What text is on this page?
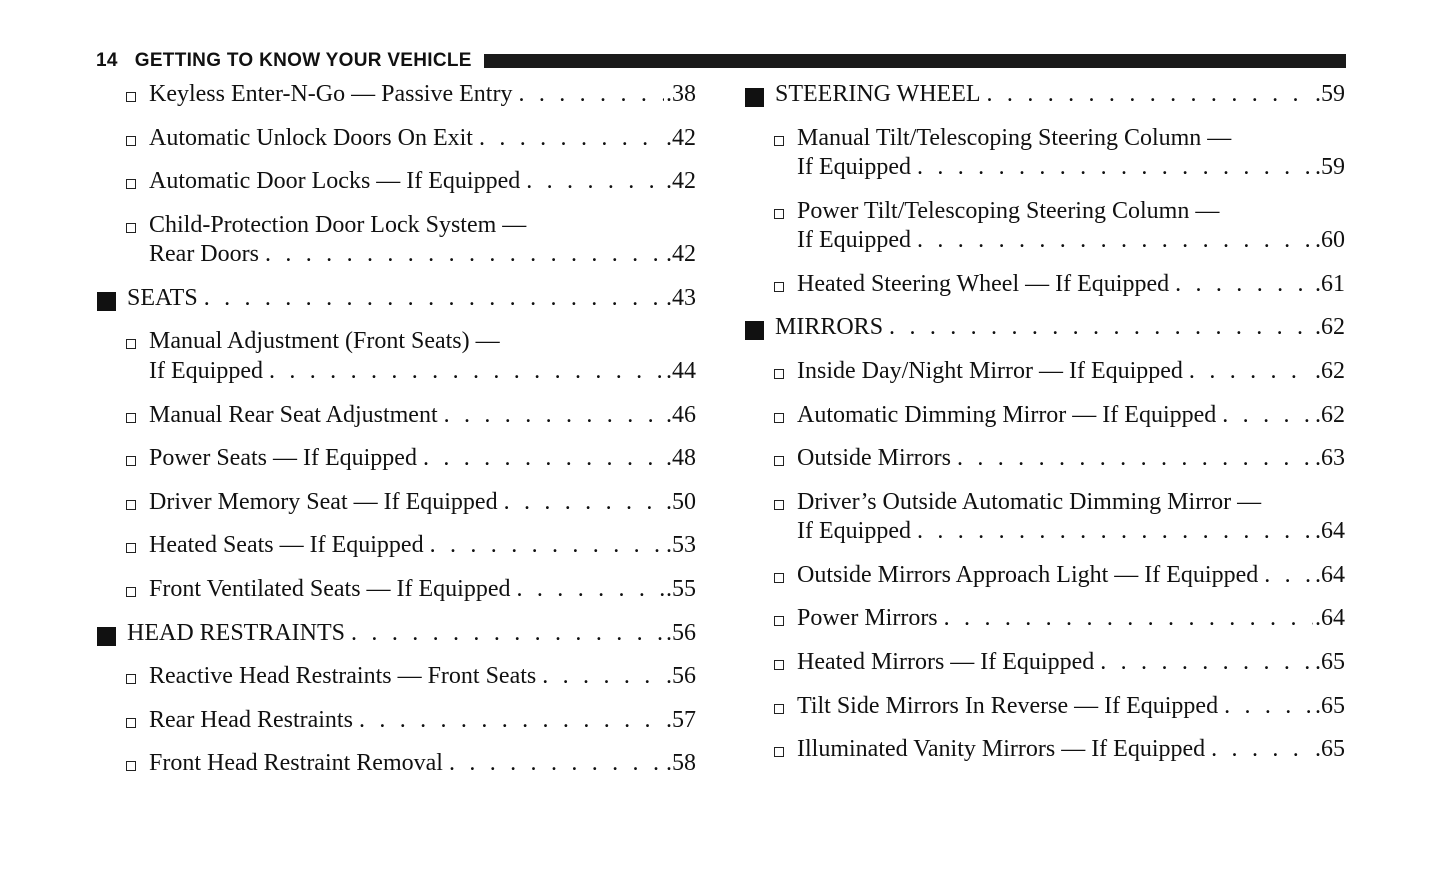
14 GETTING TO KNOW YOUR VEHICLE
Keyless Enter-N-Go — Passive Entry . . .	.38
Automatic Unlock Doors On Exit . . .	.42
Automatic Door Locks — If Equipped . . .	.42
Child-Protection Door Lock System —
Rear Doors . . .	.42
SEATS . . .	.43
Manual Adjustment (Front Seats) —
If Equipped . . .	.44
Manual Rear Seat Adjustment . . .	.46
Power Seats — If Equipped . . .	.48
Driver Memory Seat — If Equipped . . .	.50
Heated Seats — If Equipped . . .	.53
Front Ventilated Seats — If Equipped . . .	.55
HEAD RESTRAINTS . . .	.56
Reactive Head Restraints — Front Seats . . .	.56
Rear Head Restraints . . .	.57
Front Head Restraint Removal . . .	.58
STEERING WHEEL . . .	.59
Manual Tilt/Telescoping Steering Column —
If Equipped . . .	.59
Power Tilt/Telescoping Steering Column —
If Equipped . . .	.60
Heated Steering Wheel — If Equipped . . .	.61
MIRRORS . . .	.62
Inside Day/Night Mirror — If Equipped . . .	.62
Automatic Dimming Mirror — If Equipped . . .	.62
Outside Mirrors . . .	.63
Driver’s Outside Automatic Dimming Mirror —
If Equipped . . .	.64
Outside Mirrors Approach Light — If Equipped . . . .64
Power Mirrors . . .	.64
Heated Mirrors — If Equipped . . .	.65
Tilt Side Mirrors In Reverse — If Equipped . . .	.65
Illuminated Vanity Mirrors — If Equipped . . .	.65
